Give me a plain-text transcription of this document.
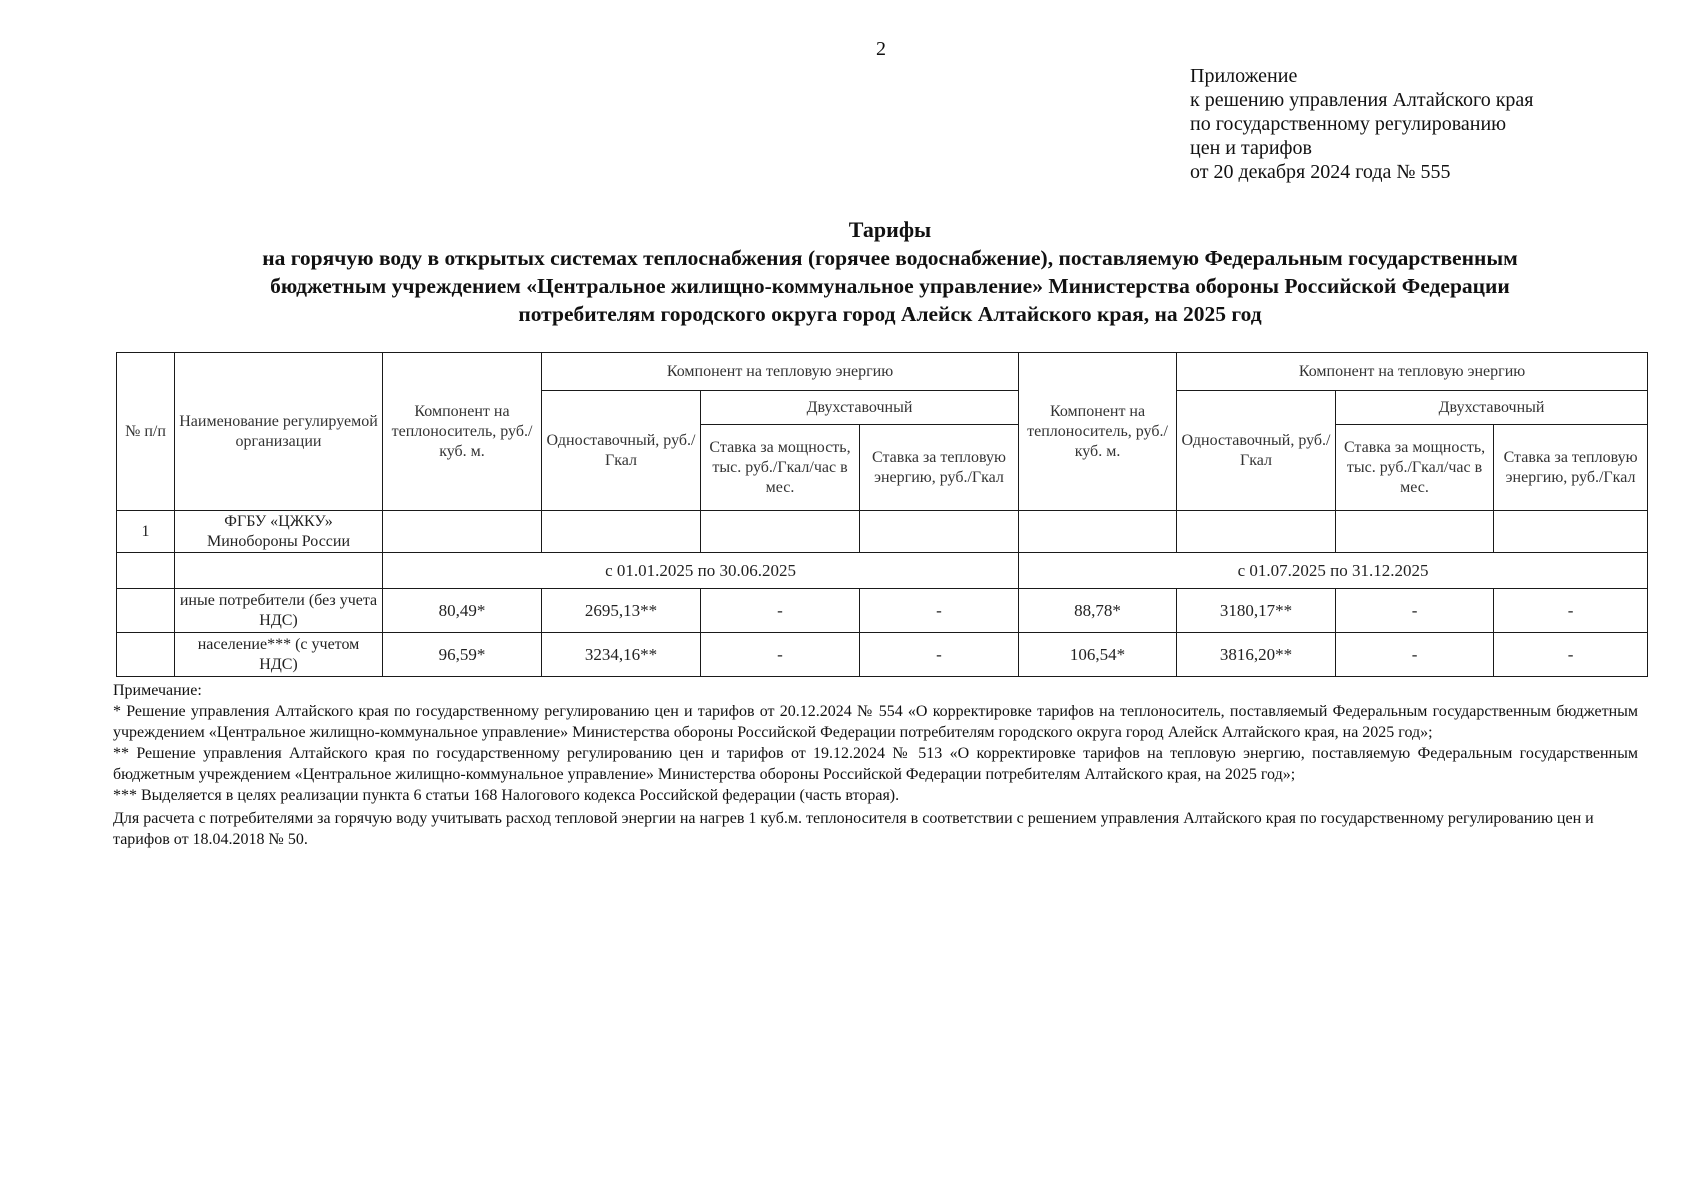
2
Приложение
к решению управления Алтайского края
по государственному регулированию
цен и тарифов
от 20 декабря 2024 года № 555
Тарифы
на горячую воду в открытых системах теплоснабжения (горячее водоснабжение), поставляемую Федеральным государственным
бюджетным учреждением «Центральное жилищно-коммунальное управление» Министерства обороны Российской Федерации
потребителям городского округа город Алейск Алтайского края, на 2025 год
№ п/п	Наименование регулируемой организации	Компонент на теплоноситель, руб./куб. м.	Компонент на тепловую энергию			Компонент на теплоноситель, руб./куб. м.	Компонент на тепловую энергию		
			Одноставочный, руб./Гкал	Двухставочный			Одноставочный, руб./Гкал	Двухставочный	
				Ставка за мощность, тыс. руб./Гкал/час в мес.	Ставка за тепловую энергию, руб./Гкал			Ставка за мощность, тыс. руб./Гкал/час в мес.	Ставка за тепловую энергию, руб./Гкал
1	ФГБУ «ЦЖКУ» Минобороны России								
		с 01.01.2025 по 30.06.2025				с 01.07.2025 по 31.12.2025			
	иные потребители (без учета НДС)	80,49*	2695,13**	-	-	88,78*	3180,17**	-	-
	население*** (с учетом НДС)	96,59*	3234,16**	-	-	106,54*	3816,20**	-	-

Примечание:

* Решение управления Алтайского края по государственному регулированию цен и тарифов от 20.12.2024 № 554 «О корректировке тарифов на теплоноситель, поставляемый Федеральным государственным бюджетным учреждением «Центральное жилищно-коммунальное управление» Министерства обороны Российской Федерации потребителям городского округа город Алейск Алтайского края, на 2025 год»;

** Решение управления Алтайского края по государственному регулированию цен и тарифов от 19.12.2024 № 513 «О корректировке тарифов на тепловую энергию, поставляемую Федеральным государственным бюджетным учреждением «Центральное жилищно-коммунальное управление» Министерства обороны Российской Федерации потребителям Алтайского края, на 2025 год»;

*** Выделяется в целях реализации пункта 6 статьи 168 Налогового кодекса Российской федерации (часть вторая).

Для расчета с потребителями за горячую воду учитывать расход тепловой энергии на нагрев 1 куб.м. теплоносителя в соответствии с решением управления Алтайского края по государственному регулированию цен и тарифов от 18.04.2018 № 50.
